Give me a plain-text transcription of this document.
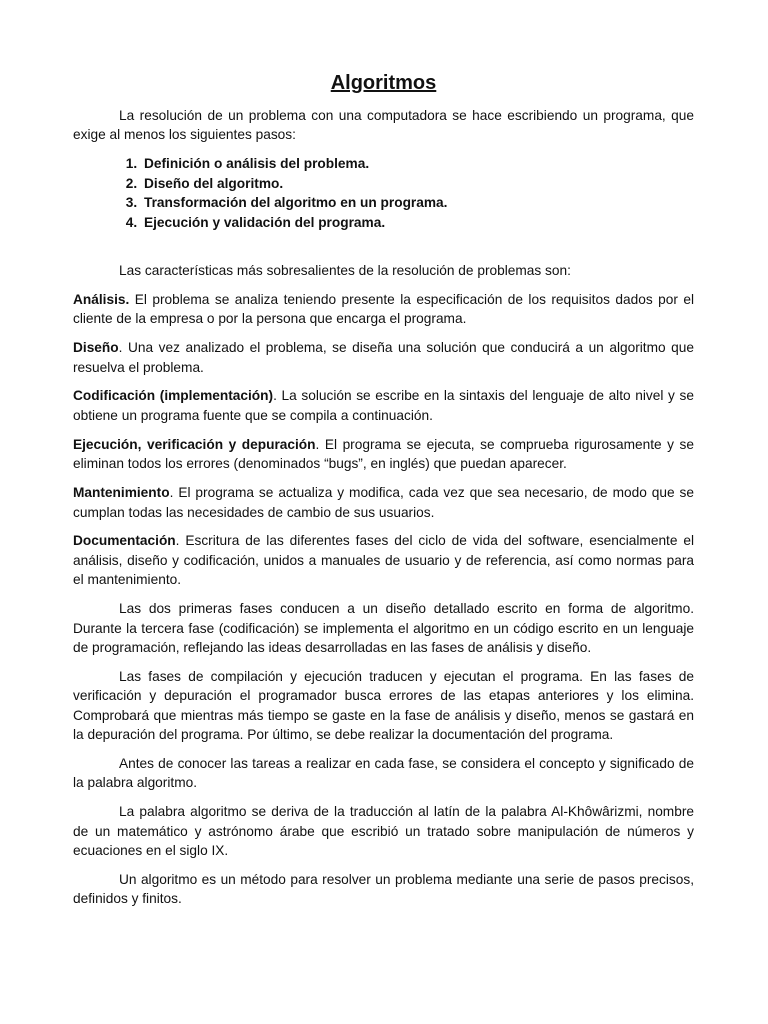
Algoritmos

La resolución de un problema con una computadora se hace escribiendo un programa, que exige al menos los siguientes pasos:

1. Definición o análisis del problema.
2. Diseño del algoritmo.
3. Transformación del algoritmo en un programa.
4. Ejecución y validación del programa.

Las características más sobresalientes de la resolución de problemas son:

Análisis. El problema se analiza teniendo presente la especificación de los requisitos dados por el cliente de la empresa o por la persona que encarga el programa.

Diseño. Una vez analizado el problema, se diseña una solución que conducirá a un algoritmo que resuelva el problema.

Codificación (implementación). La solución se escribe en la sintaxis del lenguaje de alto nivel y se obtiene un programa fuente que se compila a continuación.

Ejecución, verificación y depuración. El programa se ejecuta, se comprueba rigurosamente y se eliminan todos los errores (denominados “bugs”, en inglés) que puedan aparecer.

Mantenimiento. El programa se actualiza y modifica, cada vez que sea necesario, de modo que se cumplan todas las necesidades de cambio de sus usuarios.

Documentación. Escritura de las diferentes fases del ciclo de vida del software, esencialmente el análisis, diseño y codificación, unidos a manuales de usuario y de referencia, así como normas para el mantenimiento.

Las dos primeras fases conducen a un diseño detallado escrito en forma de algoritmo. Durante la tercera fase (codificación) se implementa el algoritmo en un código escrito en un lenguaje de programación, reflejando las ideas desarrolladas en las fases de análisis y diseño.

Las fases de compilación y ejecución traducen y ejecutan el programa. En las fases de verificación y depuración el programador busca errores de las etapas anteriores y los elimina. Comprobará que mientras más tiempo se gaste en la fase de análisis y diseño, menos se gastará en la depuración del programa. Por último, se debe realizar la documentación del programa.

Antes de conocer las tareas a realizar en cada fase, se considera el concepto y significado de la palabra algoritmo.

La palabra algoritmo se deriva de la traducción al latín de la palabra Al-Khôwârizmi, nombre de un matemático y astrónomo árabe que escribió un tratado sobre manipulación de números y ecuaciones en el siglo IX.

Un algoritmo es un método para resolver un problema mediante una serie de pasos precisos, definidos y finitos.
